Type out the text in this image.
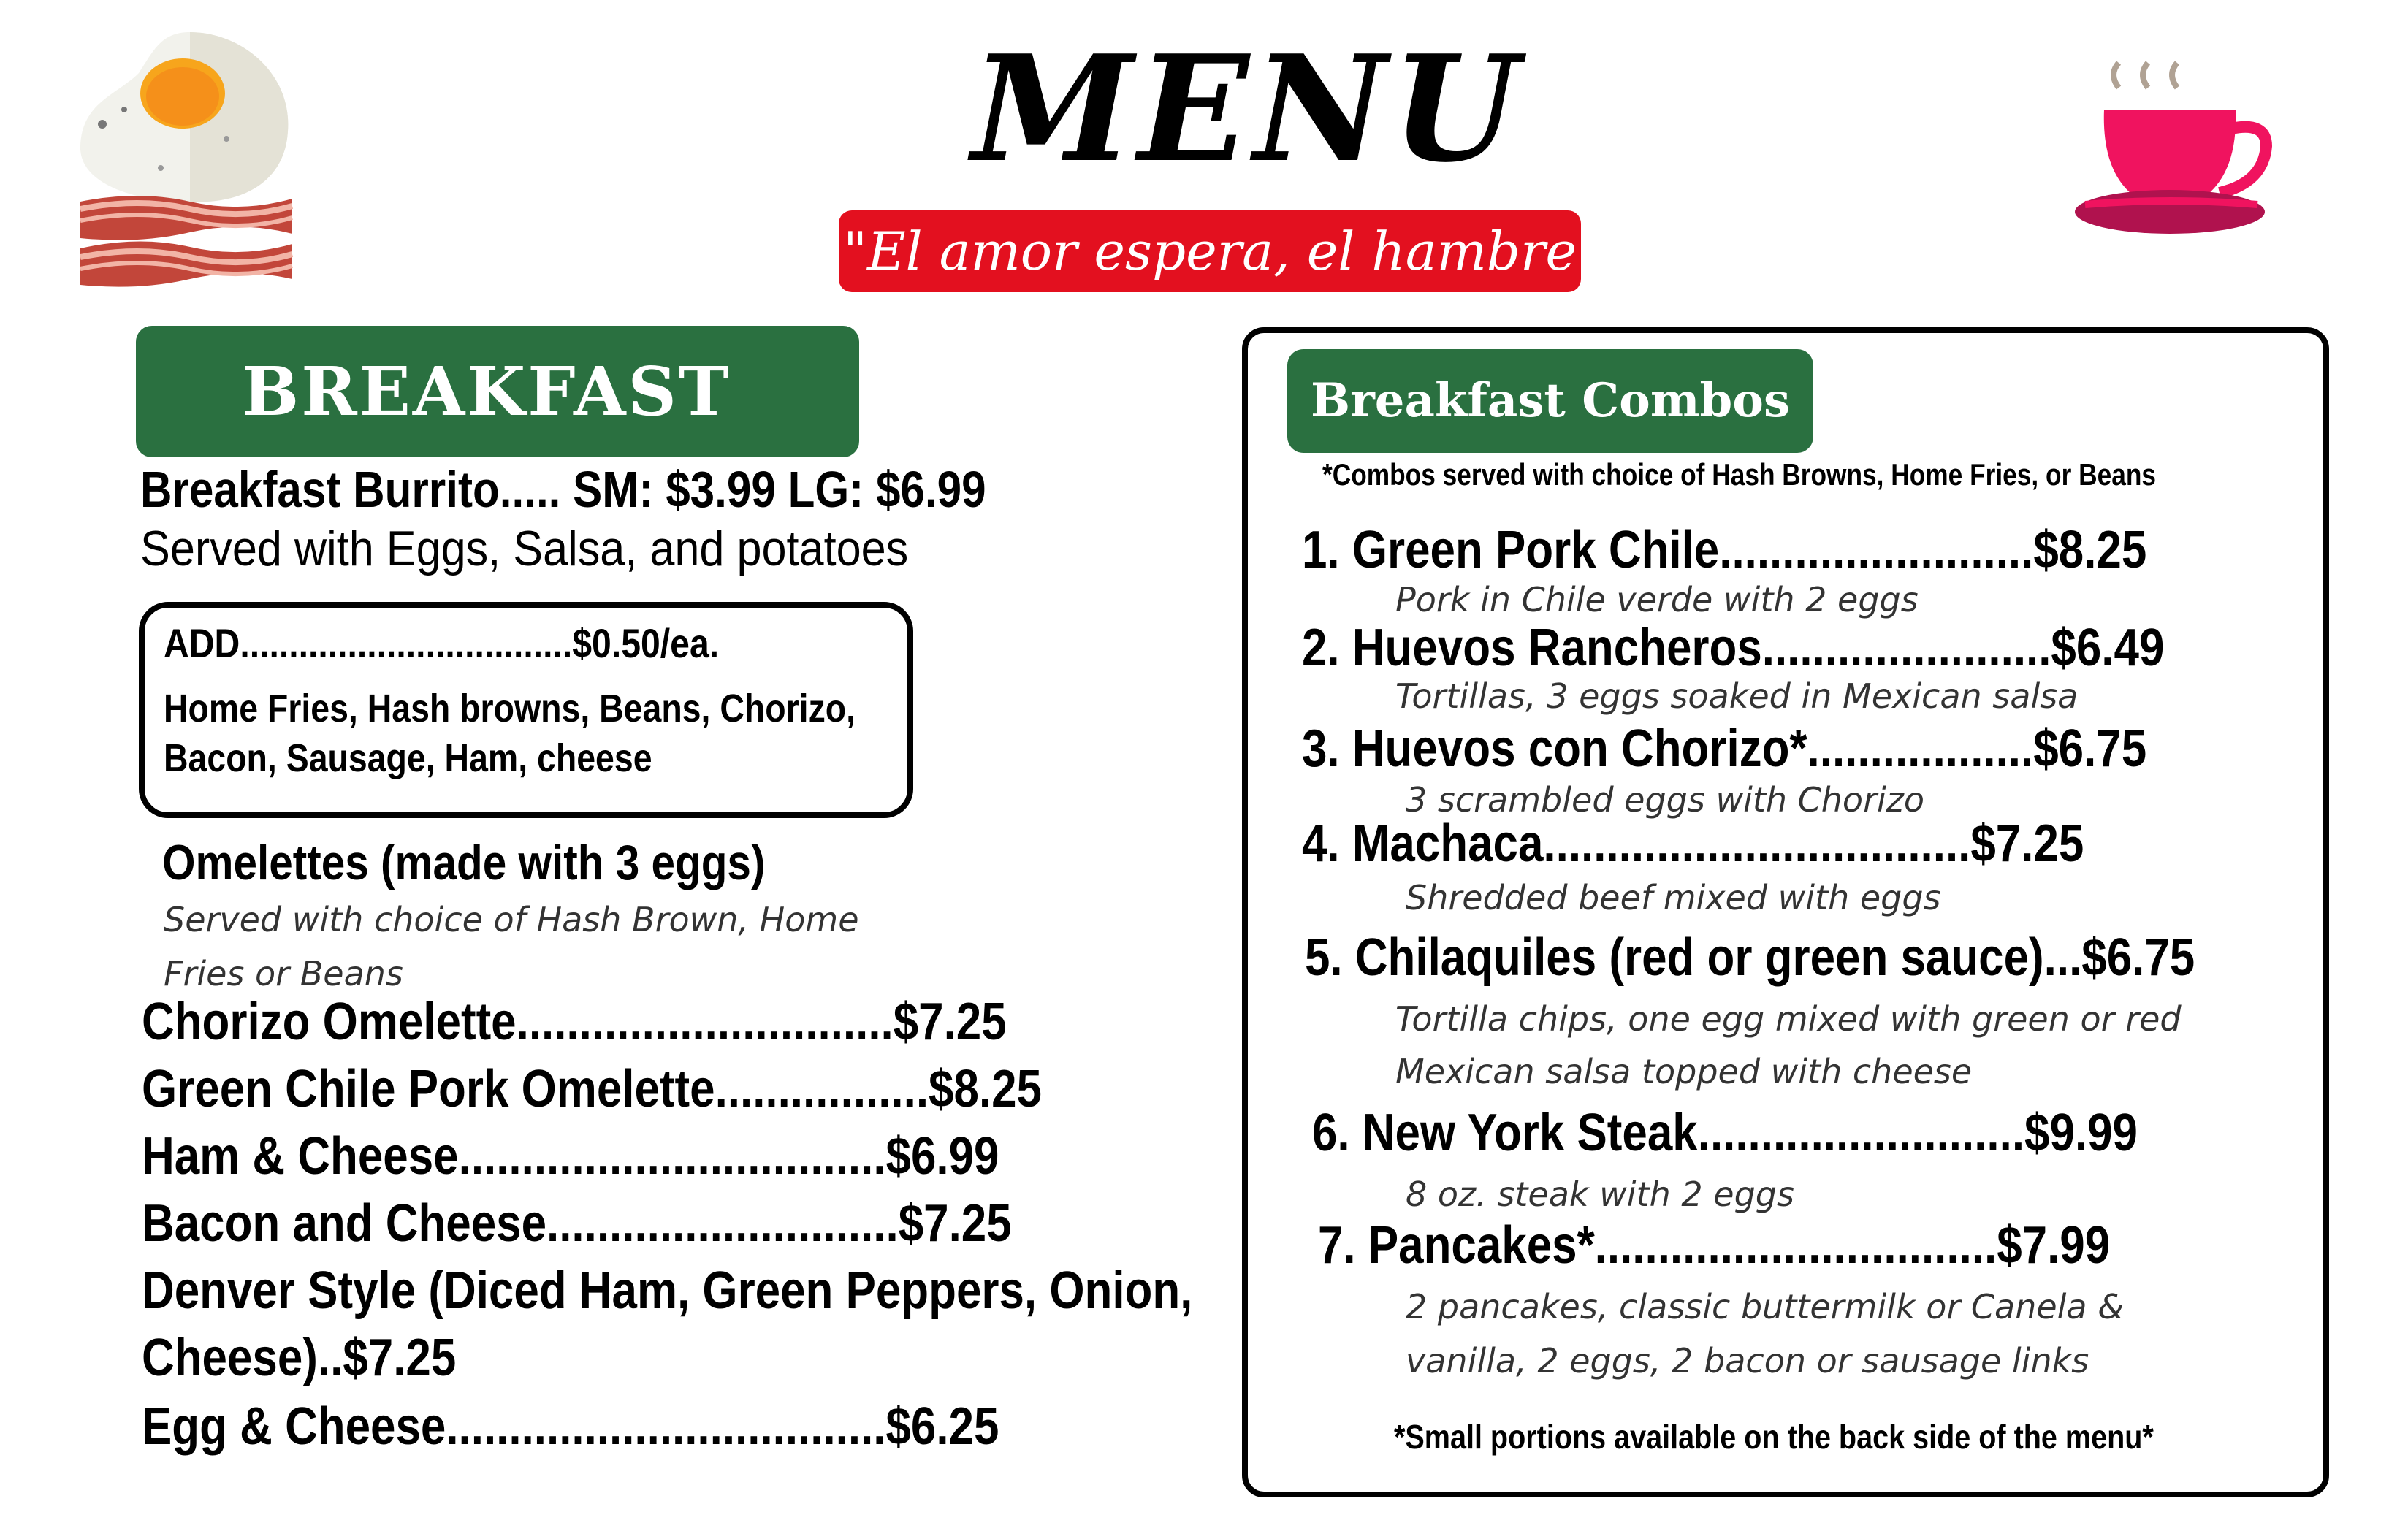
MENU
"El amor espera, el hambre no"
BREAKFAST
Breakfast Burrito..... SM: $3.99 LG: $6.99
Served with Eggs, Salsa, and potatoes
ADD..................................$0.50/ea.
Home Fries, Hash browns, Beans, Chorizo,
Bacon, Sausage, Ham, cheese
Omelettes (made with 3 eggs)
Served with choice of Hash Brown, Home Fries or Beans
Chorizo Omelette..............................$7.25
Green Chile Pork Omelette.................$8.25
Ham & Cheese..................................$6.99
Bacon and Cheese............................$7.25
Denver Style (Diced Ham, Green Peppers, Onion,
Cheese)..$7.25
Egg & Cheese...................................$6.25
Breakfast Combos
*Combos served with choice of Hash Browns, Home Fries, or Beans
1. Green Pork Chile.........................$8.25
Pork in Chile verde with 2 eggs
2. Huevos Rancheros.......................$6.49
Tortillas, 3 eggs soaked in Mexican salsa
3. Huevos con Chorizo*..................$6.75
3 scrambled eggs with Chorizo
4. Machaca..................................$7.25
Shredded beef mixed with eggs
5. Chilaquiles (red or green sauce)...$6.75
Tortilla chips, one egg mixed with green or red
Mexican salsa topped with cheese
6. New York Steak..........................$9.99
8 oz. steak with 2 eggs
7. Pancakes*................................$7.99
2 pancakes, classic buttermilk or Canela &
vanilla, 2 eggs, 2 bacon or sausage links
*Small portions available on the back side of the menu*
